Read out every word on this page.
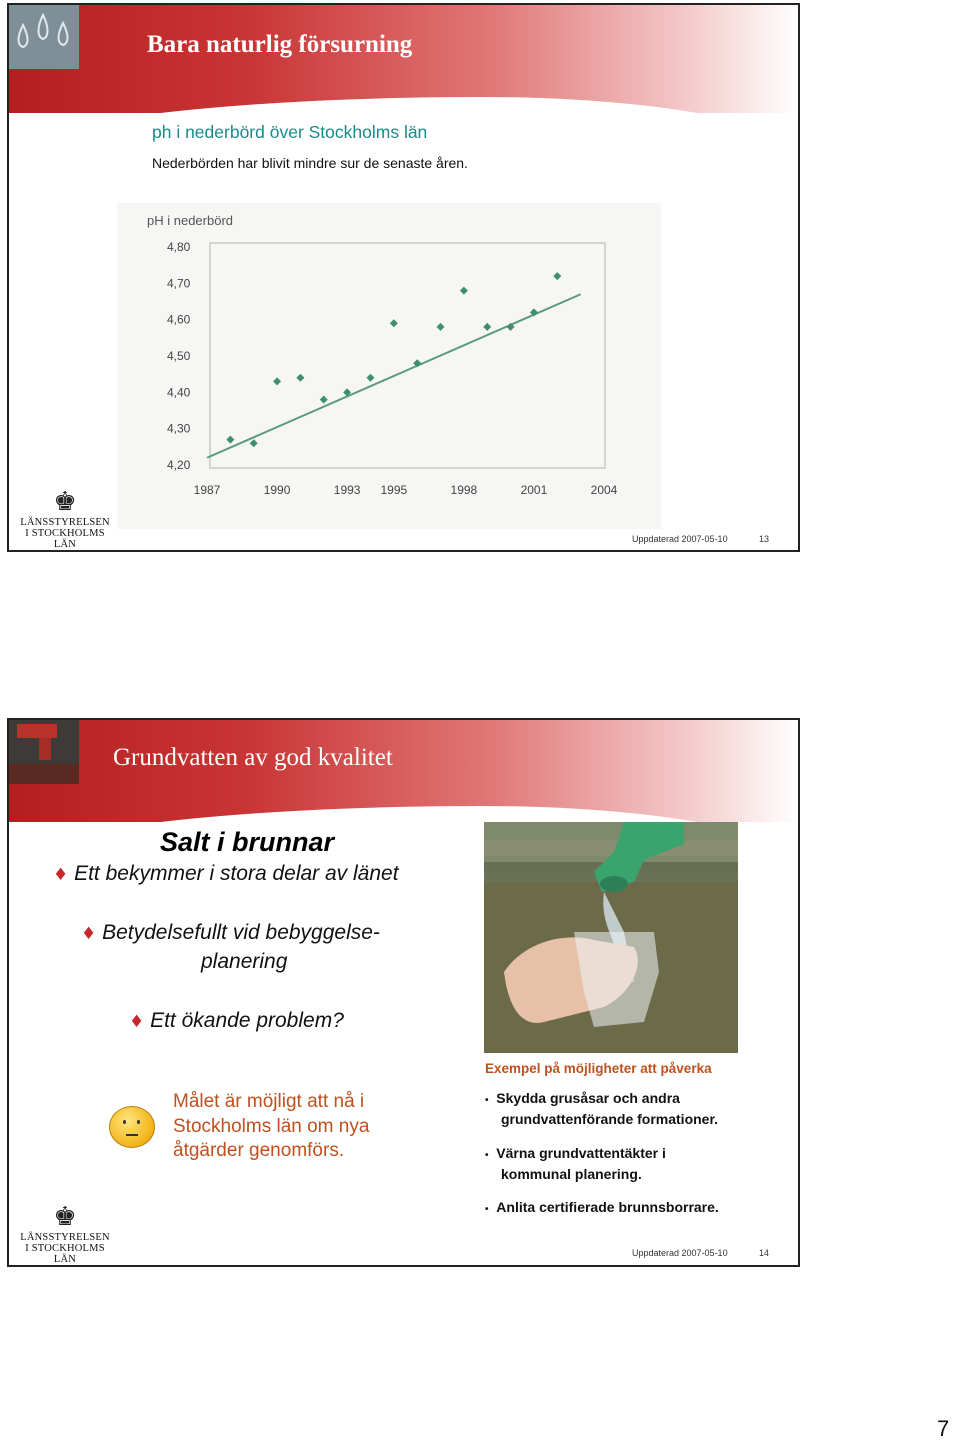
Bara naturlig försurning
ph i nederbörd över Stockholms län
Nederbörden har blivit mindre sur de senaste åren.
pH i nederbörd
4,80
4,70
4,60
4,50
4,40
4,30
4,20
1987	1990	1993 1995	1998	2001	2004
♚
LÄNSSTYRELSEN
I STOCKHOLMS LÄN	Uppdaterad 2007-05-10	13
Grundvatten av god kvalitet
Salt i brunnar
♦ Ett bekymmer i stora delar av länet
♦ Betydelsefullt vid bebyggelse-
planering
♦ Ett ökande problem?
Målet är möjligt att nå i
Stockholms län om nya
åtgärder genomförs.
Exempel på möjligheter att påverka
• Skydda grusåsar och andra
grundvattenförande formationer.
• Värna grundvattentäkter i
kommunal planering.
• Anlita certifierade brunnsborrare.
♚
LÄNSSTYRELSEN
I STOCKHOLMS LÄN
Uppdaterad 2007-05-10	14
7
